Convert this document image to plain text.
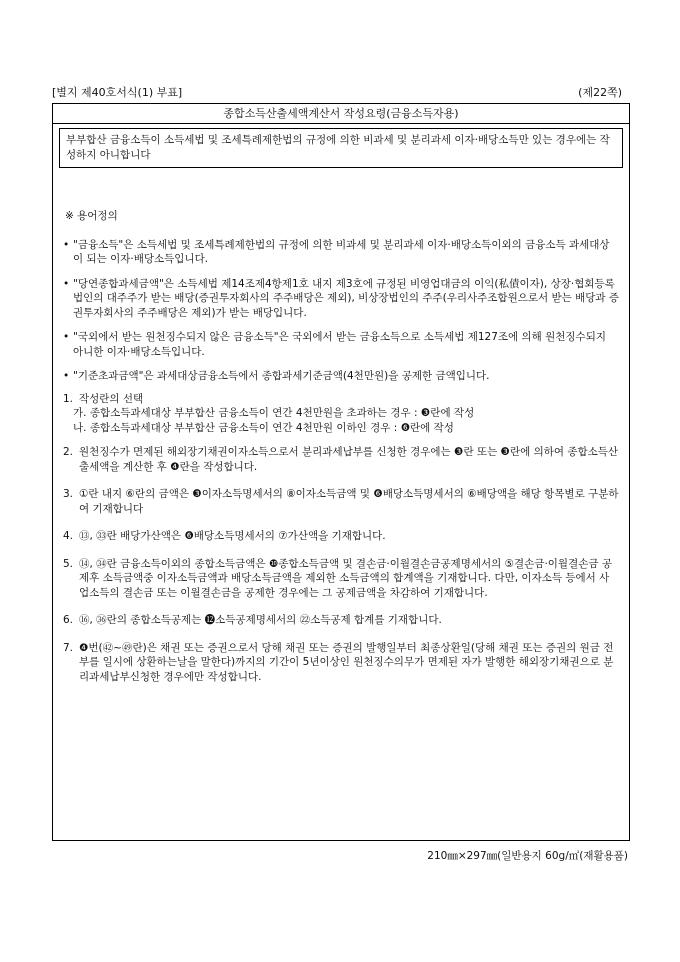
[별지 제40호서식(1) 부표]	(제22쪽)
종합소득산출세액계산서 작성요령(금융소득자용)
부부합산 금융소득이 소득세법 및 조세특례제한법의 규정에 의한 비과세 및 분리과세 이자·배당소득만 있는 경우에는 작성하지 아니합니다
※ 용어정의
• "금융소득"은 소득세법 및 조세특례제한법의 규정에 의한 비과세 및 분리과세 이자·배당소득이외의 금융소득 과세대상이 되는 이자·배당소득입니다.
• "당연종합과세금액"은 소득세법 제14조제4항제1호 내지 제3호에 규정된 비영업대금의 이익(私債이자), 상장·협회등록법인의 대주주가 받는 배당(증권투자회사의 주주배당은 제외), 비상장법인의 주주(우리사주조합원으로서 받는 배당과 증권투자회사의 주주배당은 제외)가 받는 배당입니다.
• "국외에서 받는 원천징수되지 않은 금융소득"은 국외에서 받는 금융소득으로 소득세법 제127조에 의해 원천징수되지 아니한 이자·배당소득입니다.
• "기준초과금액"은 과세대상금융소득에서 종합과세기준금액(4천만원)을 공제한 금액입니다.
1. 작성란의 선택
가. 종합소득과세대상 부부합산 금융소득이 연간 4천만원을 초과하는 경우 : ❸란에 작성
나. 종합소득과세대상 부부합산 금융소득이 연간 4천만원 이하인 경우 : ❻란에 작성
2. 원천징수가 면제된 해외장기채권이자소득으로서 분리과세납부를 신청한 경우에는 ❸란 또는 ❸란에 의하여 종합소득산출세액을 계산한 후 ❹란을 작성합니다.
3. ①란 내지 ⑥란의 금액은 ❸이자소득명세서의 ⑧이자소득금액 및 ❻배당소득명세서의 ⑥배당액을 해당 항목별로 구분하여 기재합니다
4. ⑬, ㉝란 배당가산액은 ❻배당소득명세서의 ⑦가산액을 기재합니다.
5. ⑭, ㉞란 금융소득이외의 종합소득금액은 ❿종합소득금액 및 결손금·이월결손금공제명세서의 ⑤결손금·이월결손금 공제후 소득금액중 이자소득금액과 배당소득금액을 제외한 소득금액의 합계액을 기재합니다. 다만, 이자소득 등에서 사업소득의 결손금 또는 이월결손금을 공제한 경우에는 그 공제금액을 차감하여 기재합니다.
6. ⑯, ㊱란의 종합소득공제는 ⓬소득공제명세서의 ㉒소득공제 합계를 기재합니다.
7. ❹번(㊷~㊾란)은 채권 또는 증권으로서 당해 채권 또는 증권의 발행일부터 최종상환일(당해 채권 또는 증권의 원금 전부를 일시에 상환하는날을 말한다)까지의 기간이 5년이상인 원천징수의무가 면제된 자가 발행한 해외장기채권으로 분리과세납부신청한 경우에만 작성합니다.
210㎜×297㎜(일반용지 60g/㎡(재활용품)
